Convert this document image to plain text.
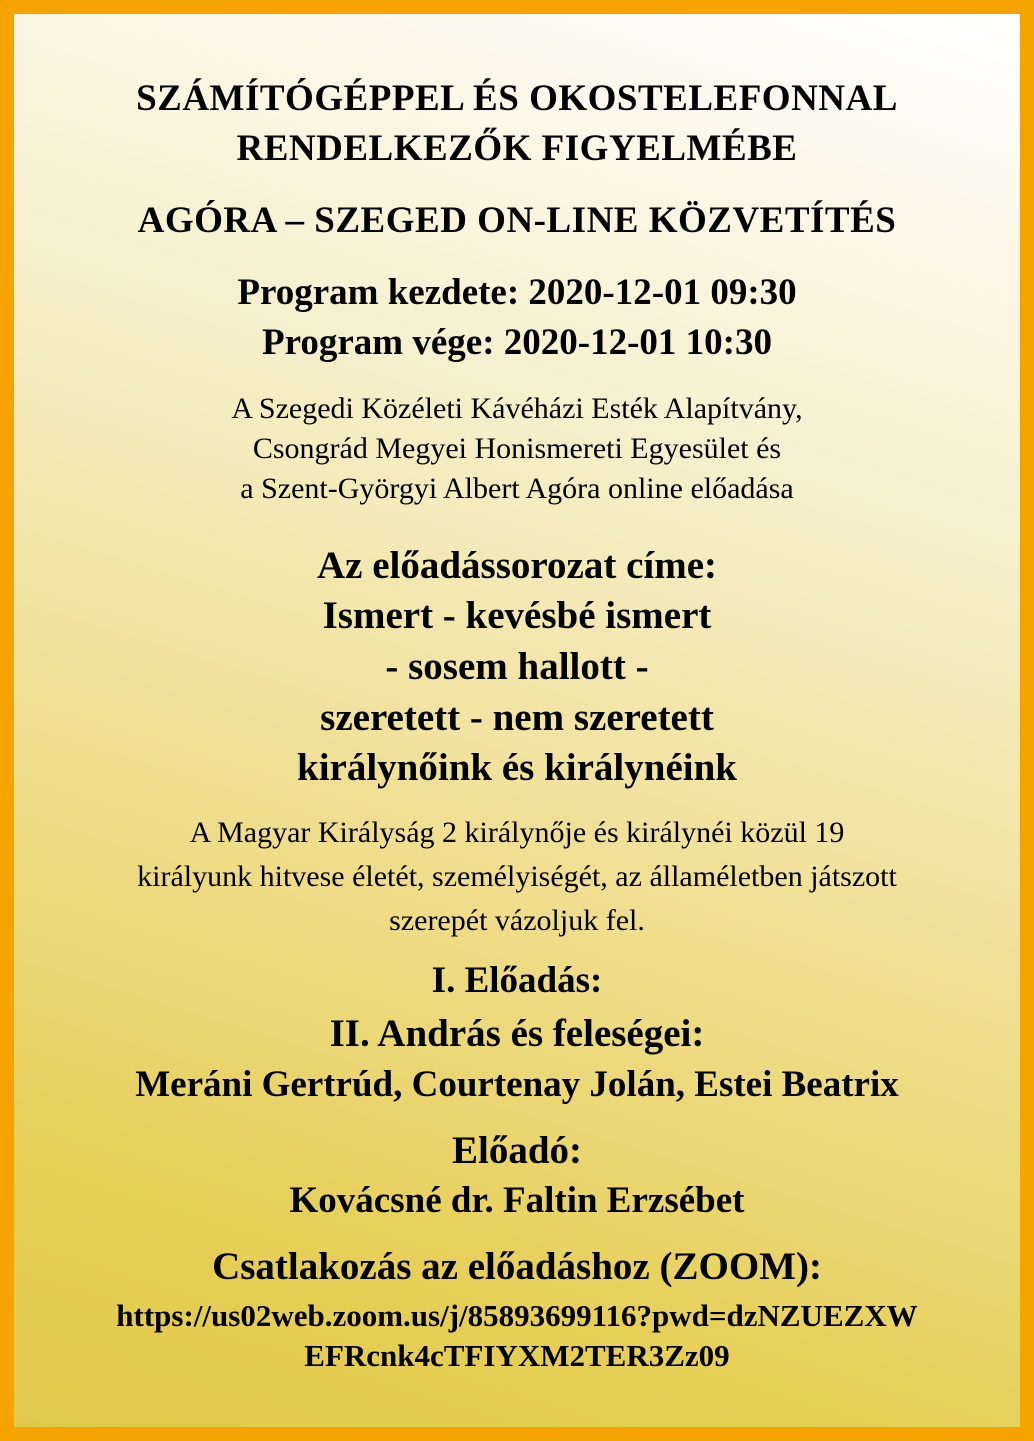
SZÁMÍTÓGÉPPEL ÉS OKOSTELEFONNAL

RENDELKEZŐK FIGYELMÉBE

AGÓRA – SZEGED ON-LINE KÖZVETÍTÉS

Program kezdete: 2020-12-01 09:30

Program vége: 2020-12-01 10:30

A Szegedi Közéleti Kávéházi Esték Alapítvány,

Csongrád Megyei Honismereti Egyesület és

a Szent-Györgyi Albert Agóra online előadása

Az előadássorozat címe:

Ismert - kevésbé ismert

- sosem hallott -

szeretett - nem szeretett

királynőink és királynéink

A Magyar Királyság 2 királynője és királynéi közül 19

királyunk hitvese életét, személyiségét, az államéletben játszott

szerepét vázoljuk fel.

I. Előadás:

II. András és feleségei:

Meráni Gertrúd, Courtenay Jolán, Estei Beatrix

Előadó:

Kovácsné dr. Faltin Erzsébet

Csatlakozás az előadáshoz (ZOOM):

https://us02web.zoom.us/j/85893699116?pwd=dzNZUEZXW

EFRcnk4cTFIYXM2TER3Zz09
